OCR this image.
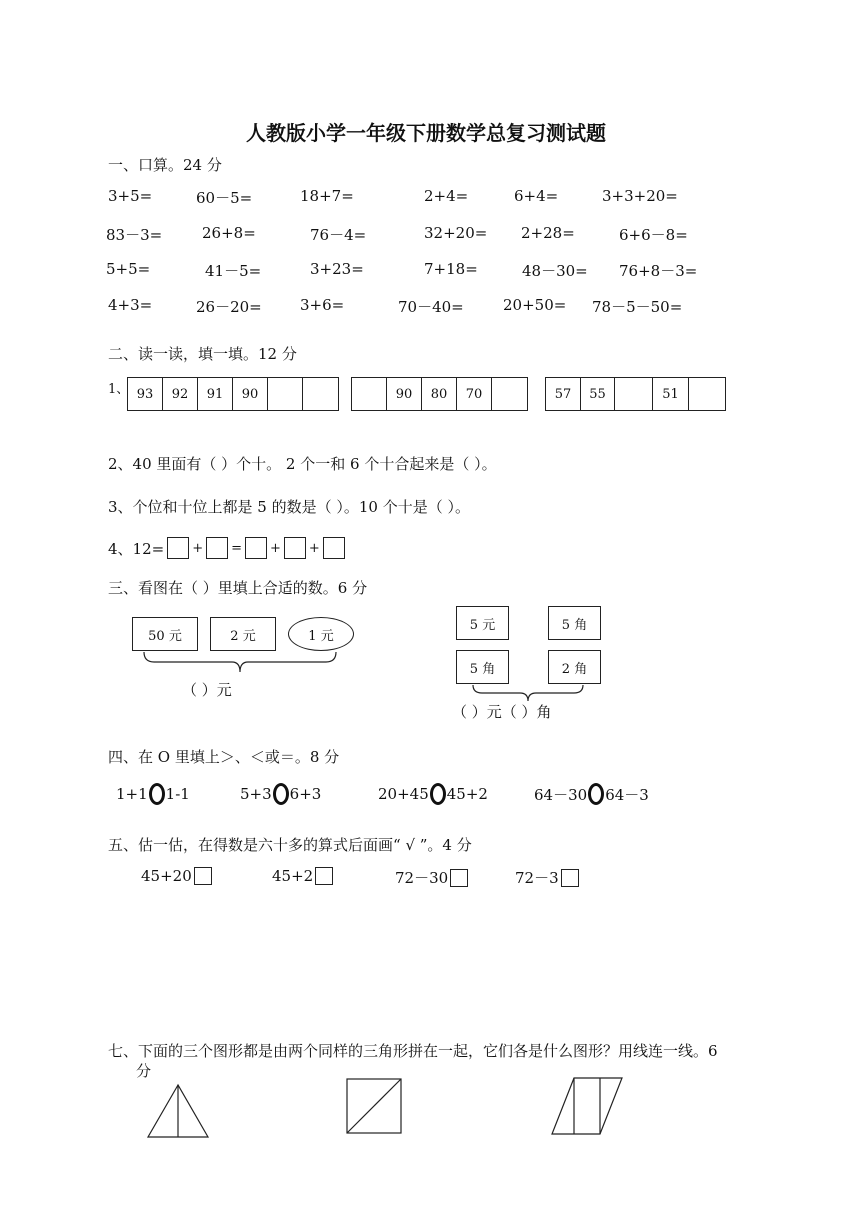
人教版小学一年级下册数学总复习测试题
一、口算。24 分
3+5=	60－5=	18+7=	2+4=	6+4=	3+3+20=
83－3=	26+8=	76－4=	32+20= 2+28=	6+6－8=
5+5=	41－5=	3+23=	7+18=	48－30= 76+8－3=
4+3=	26－20=	3+6=	70－40=	20+50= 78－5－50=
二、读一读，填一填。12 分
1、 93	92	91	90	90	80	70	57	55	51
2、40 里面有（ ）个十。 2 个一和 6 个十合起来是（ ）。
3、个位和十位上都是 5 的数是（ ）。10 个十是（ ）。
4、12= + = + +
三、看图在（ ）里填上合适的数。6 分
50 元	2 元	1 元
（ ）元
5 元	5 角
5 角	2 角
（ ）元（ ）角
四、在 O 里填上＞、＜或＝。8 分
1+1 1-1	5+3 6+3	20+45 45+2	64－30 64－3
五、估一估，在得数是六十多的算式后面画“ √ ”。4 分
45+20	45+2	72－30	72－3
七、下面的三个图形都是由两个同样的三角形拼在一起，它们各是什么图形？用线连一线。6
分
